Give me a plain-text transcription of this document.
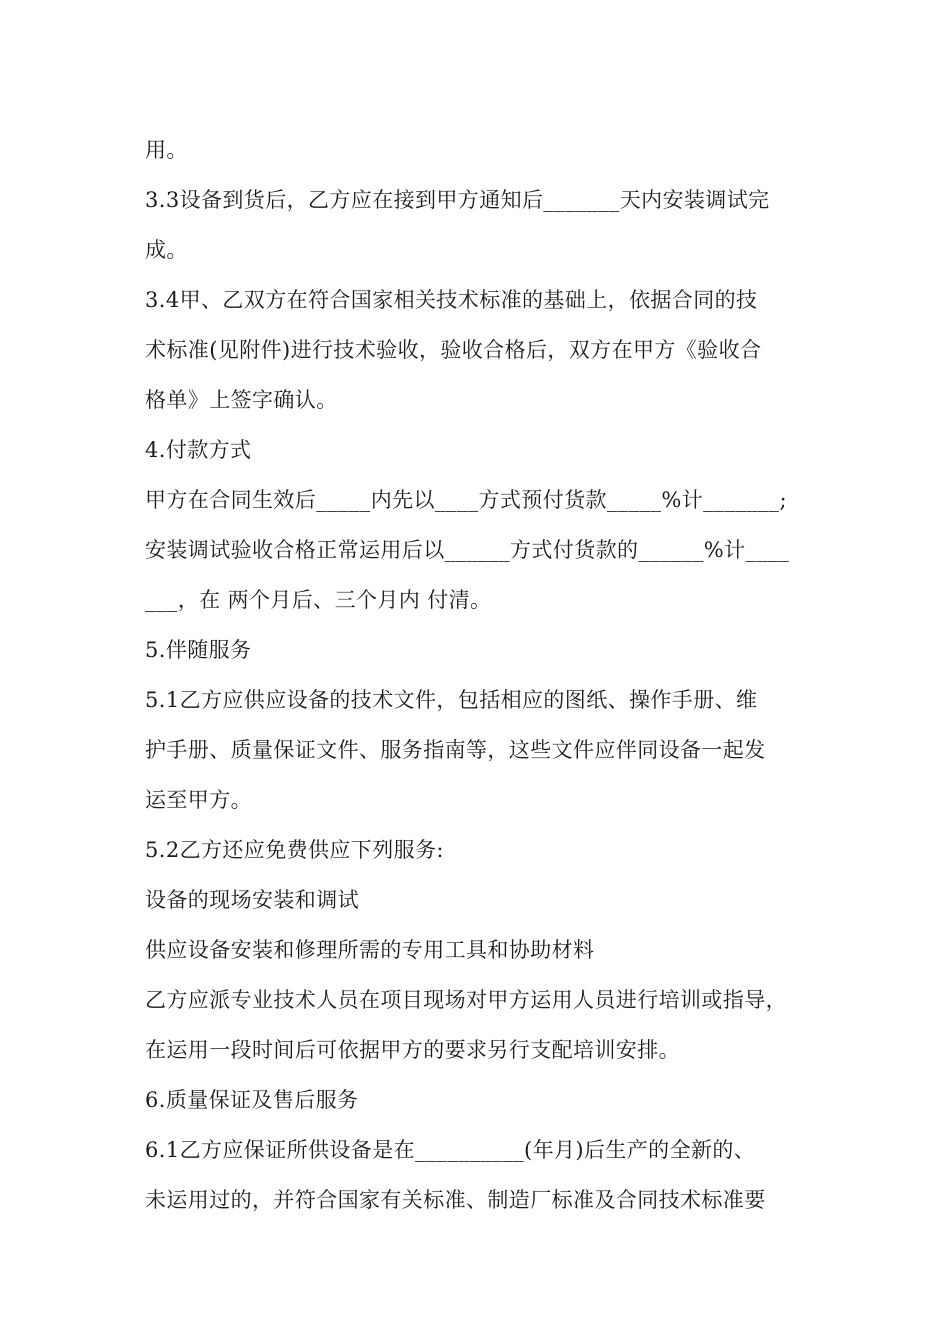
用。
3.3设备到货后，乙方应在接到甲方通知后_______天内安装调试完
成。
3.4甲、乙双方在符合国家相关技术标准的基础上，依据合同的技
术标准(见附件)进行技术验收，验收合格后，双方在甲方《验收合
格单》上签字确认。
4.付款方式
甲方在合同生效后_____内先以____方式预付货款_____%计_______;
安装调试验收合格正常运用后以______方式付货款的______%计____
___，在 两个月后、三个月内 付清。
5.伴随服务
5.1乙方应供应设备的技术文件，包括相应的图纸、操作手册、维
护手册、质量保证文件、服务指南等，这些文件应伴同设备一起发
运至甲方。
5.2乙方还应免费供应下列服务:
设备的现场安装和调试
供应设备安装和修理所需的专用工具和协助材料
乙方应派专业技术人员在项目现场对甲方运用人员进行培训或指导，
在运用一段时间后可依据甲方的要求另行支配培训安排。
6.质量保证及售后服务
6.1乙方应保证所供设备是在__________(年月)后生产的全新的、
未运用过的，并符合国家有关标准、制造厂标准及合同技术标准要
